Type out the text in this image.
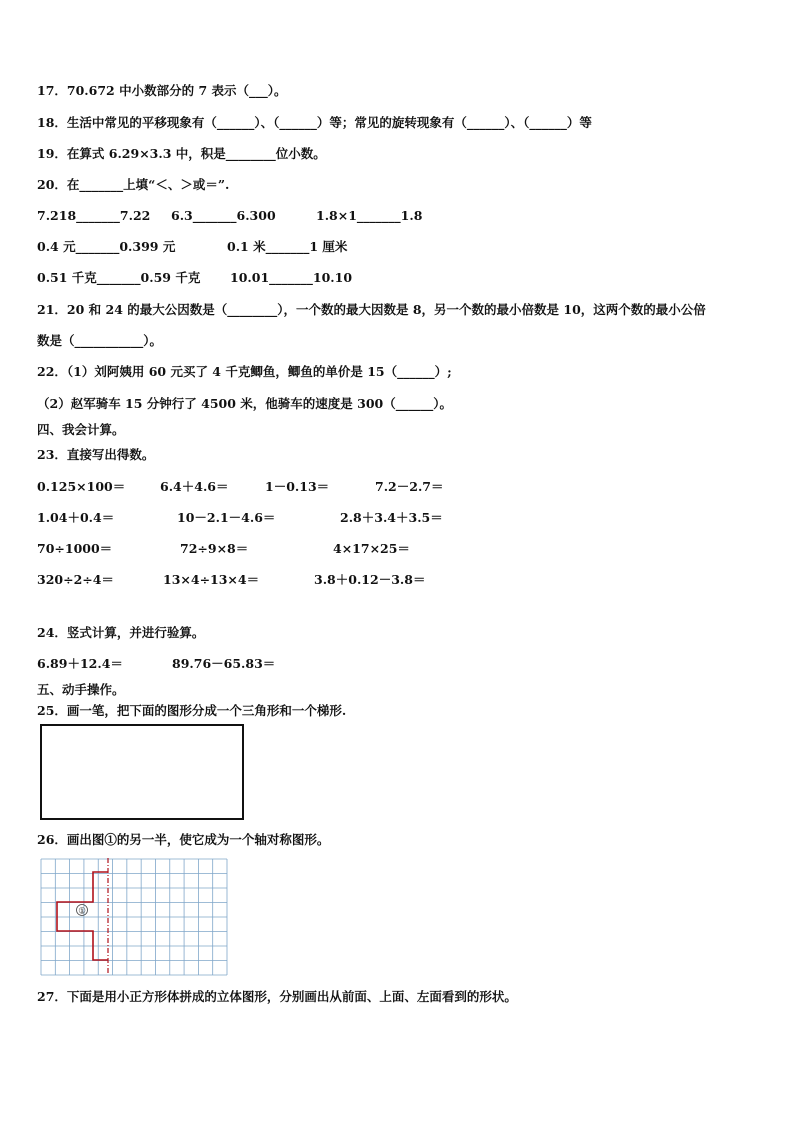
17．70.672 中小数部分的 7 表示（___）。
18．生活中常见的平移现象有（______）、（______）等；常见的旋转现象有（______）、（______）等
19．在算式 6.29×3.3 中，积是________位小数。
20．在_______上填“＜、＞或＝”.
7.218_______7.22 6.3_______6.300	1.8×1_______1.8
0.4 元_______0.399 元	0.1 米_______1 厘米
0.51 千克_______0.59 千克 10.01_______10.10
21．20 和 24 的最大公因数是（________），一个数的最大因数是 8，另一个数的最小倍数是 10，这两个数的最小公倍
数是（___________）。
22．（1）刘阿姨用 60 元买了 4 千克鲫鱼，鲫鱼的单价是 15（______）;
（2）赵军骑车 15 分钟行了 4500 米，他骑车的速度是 300（______）。
四、我会计算。
23．直接写出得数。
0.125×100＝	6.4＋4.6＝	1－0.13＝	7.2－2.7＝
1.04＋0.4＝	10－2.1－4.6＝	2.8＋3.4＋3.5＝
70÷1000＝	72÷9×8＝	4×17×25＝
320÷2÷4＝	13×4÷13×4＝	3.8＋0.12－3.8＝
24．竖式计算，并进行验算。
6.89＋12.4＝	89.76－65.83＝
五、动手操作。
25．画一笔，把下面的图形分成一个三角形和一个梯形.
26．画出图①的另一半，使它成为一个轴对称图形。
①
27．下面是用小正方形体拼成的立体图形，分别画出从前面、上面、左面看到的形状。
